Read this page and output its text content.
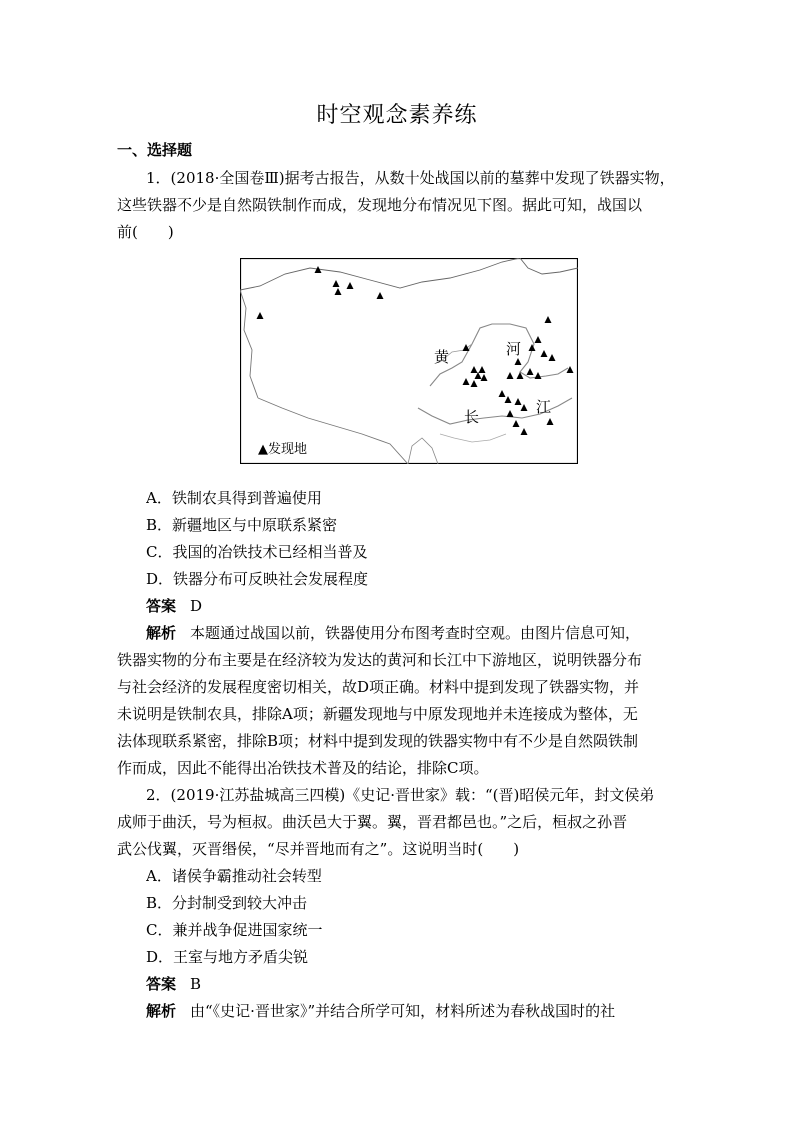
时空观念素养练
一、选择题
1．(2018·全国卷Ⅲ)据考古报告，从数十处战国以前的墓葬中发现了铁器实物，
这些铁器不少是自然陨铁制作而成，发现地分布情况见下图。据此可知，战国以
前(　　)
黄	河
长
江
▲发现地
A．铁制农具得到普遍使用
B．新疆地区与中原联系紧密
C．我国的冶铁技术已经相当普及
D．铁器分布可反映社会发展程度
答案 D
解析 本题通过战国以前，铁器使用分布图考查时空观。由图片信息可知，
铁器实物的分布主要是在经济较为发达的黄河和长江中下游地区，说明铁器分布
与社会经济的发展程度密切相关，故D项正确。材料中提到发现了铁器实物，并
未说明是铁制农具，排除A项；新疆发现地与中原发现地并未连接成为整体，无
法体现联系紧密，排除B项；材料中提到发现的铁器实物中有不少是自然陨铁制
作而成，因此不能得出冶铁技术普及的结论，排除C项。
2．(2019·江苏盐城高三四模)《史记·晋世家》载：“(晋)昭侯元年，封文侯弟
成师于曲沃，号为桓叔。曲沃邑大于翼。翼，晋君都邑也。”之后，桓叔之孙晋
武公伐翼，灭晋缗侯，“尽并晋地而有之”。这说明当时(　　)
A．诸侯争霸推动社会转型
B．分封制受到较大冲击
C．兼并战争促进国家统一
D．王室与地方矛盾尖锐
答案 B
解析 由“《史记·晋世家》”并结合所学可知，材料所述为春秋战国时的社
